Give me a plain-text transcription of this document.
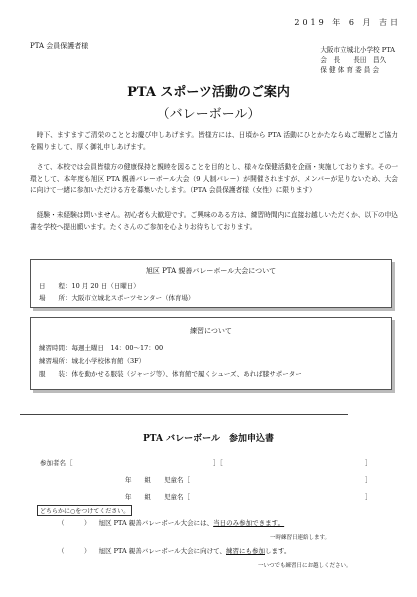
2019 年 6 月 吉日
PTA 会員保護者様	大阪市立城北小学校 PTA
会　長　　長田　昌久
保 健 体 育 委 員 会
PTA スポーツ活動のご案内
（バレーボール）
　時下、ますますご清栄のこととお慶び申しあげます。皆様方には、日頃から PTA 活動にひとかたならぬご理解とご協力を賜りまして、厚く御礼申しあげます。
　さて、本校では会員皆様方の健康保持と親睦を図ることを目的とし、様々な保健活動を企画・実施しております。その一環として、本年度も旭区 PTA 親善バレーボール大会（9 人制バレー）が開催されますが、メンバーが足りないため、大会に向けて一緒に参加いただける方を募集いたします。（PTA 会員保護者様（女性）に限ります）
　経験・未経験は問いません。初心者も大歓迎です。ご興味のある方は、練習時間内に直接お越しいただくか、以下の申込書を学校へ提出願います。たくさんのご参加を心よりお待ちしております。
旭区 PTA 親善バレーボール大会について
日　　程：10 月 20 日（日曜日）
場　　所：大阪市立城北スポーツセンター（体育場）
練習について
練習時間：毎週土曜日　14：00～17：00
練習場所：城北小学校体育館（3F）
服　　装：体を動かせる服装（ジャージ等）、体育館で履くシューズ、あれば膝サポーター
PTA バレーボール　参加申込書
参加者名［	］［	］
年　　組　　児童名［	］
年　　組　　児童名［	］
どちらかに○をつけてください。
（　　　） 旭区 PTA 親善バレーボール大会には、当日のみ参加できます。
一時練習日連絡します。
（　　　） 旭区 PTA 親善バレーボール大会に向けて、練習にも参加します。
一いつでも練習日にお越しください。
